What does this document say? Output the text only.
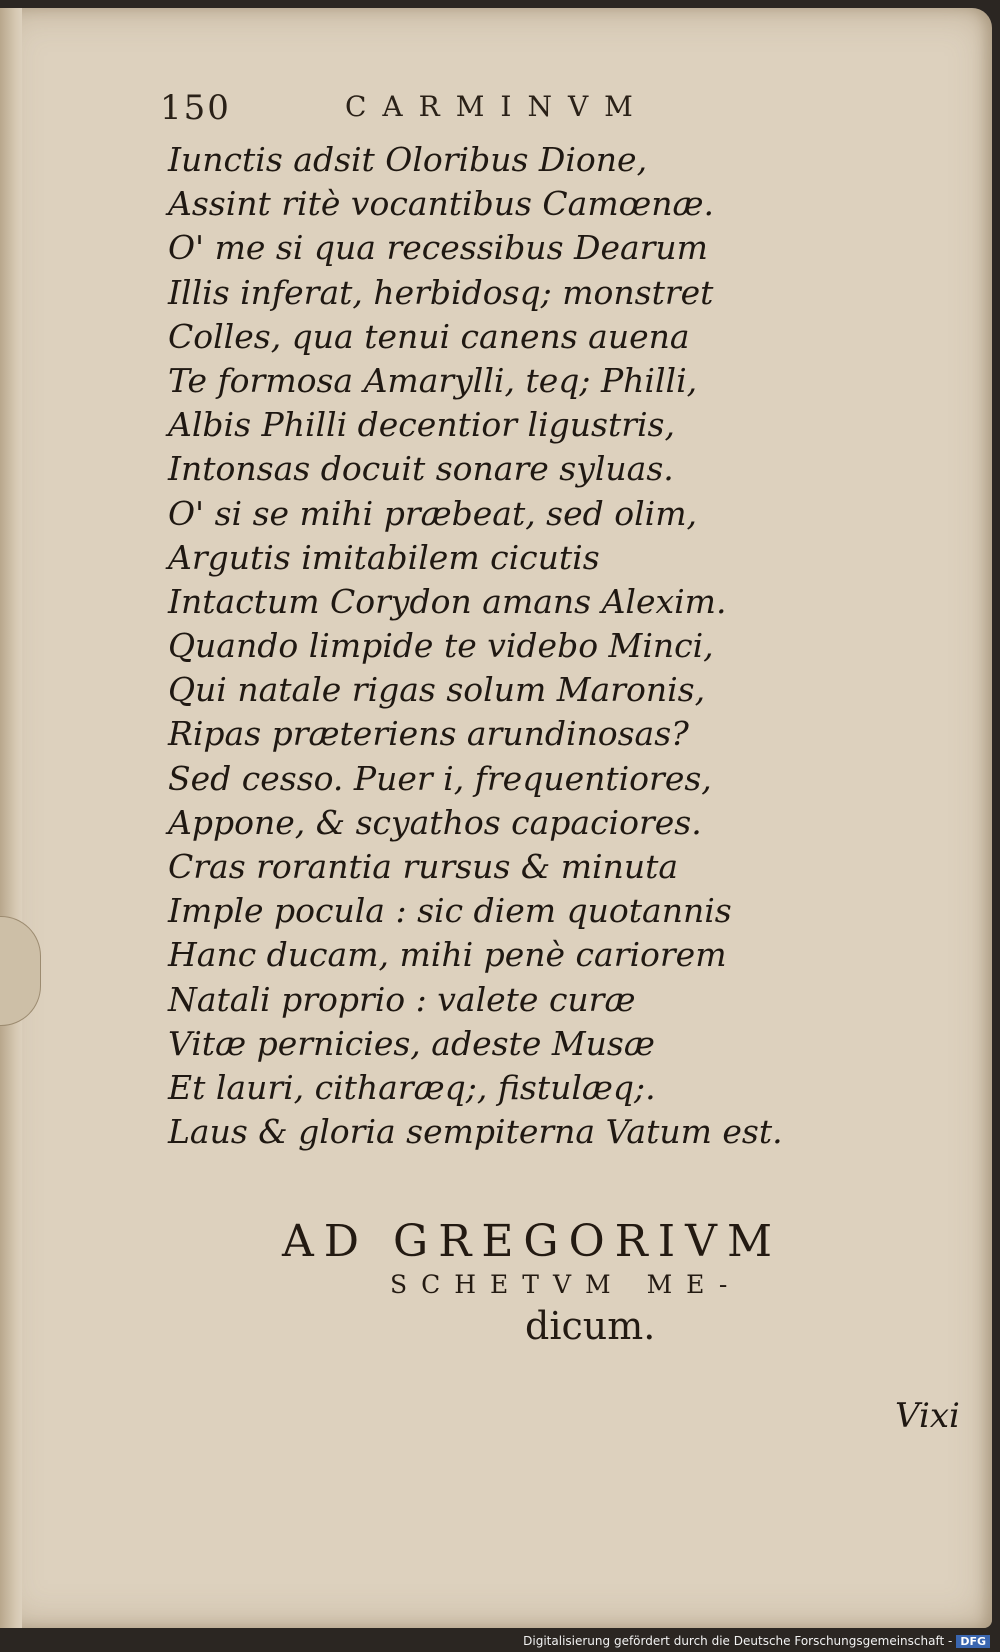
150	CARMINVM
Iunctis adsit Oloribus Dione,
Assint ritè vocantibus Camœnæ.
O' me si qua recessibus Dearum
Illis inferat, herbidosq; monstret
Colles, qua tenui canens auena
Te formosa Amarylli, teq; Philli,
Albis Philli decentior ligustris,
Intonsas docuit sonare syluas.
O' si se mihi præbeat, sed olim,
Argutis imitabilem cicutis
Intactum Corydon amans Alexim.
Quando limpide te videbo Minci,
Qui natale rigas solum Maronis,
Ripas præteriens arundinosas?
Sed cesso. Puer i, frequentiores,
Appone, & scyathos capaciores.
Cras rorantia rursus & minuta
Imple pocula : sic diem quotannis
Hanc ducam, mihi penè cariorem
Natali proprio : valete curæ
Vitæ pernicies, adeste Musæ
Et lauri, citharæq;, fistulæq;.
Laus & gloria sempiterna Vatum est.
AD GREGORIVM
SCHETVM ME-
dicum.
Vixi
Digitalisierung gefördert durch die Deutsche Forschungsgemeinschaft - DFG
